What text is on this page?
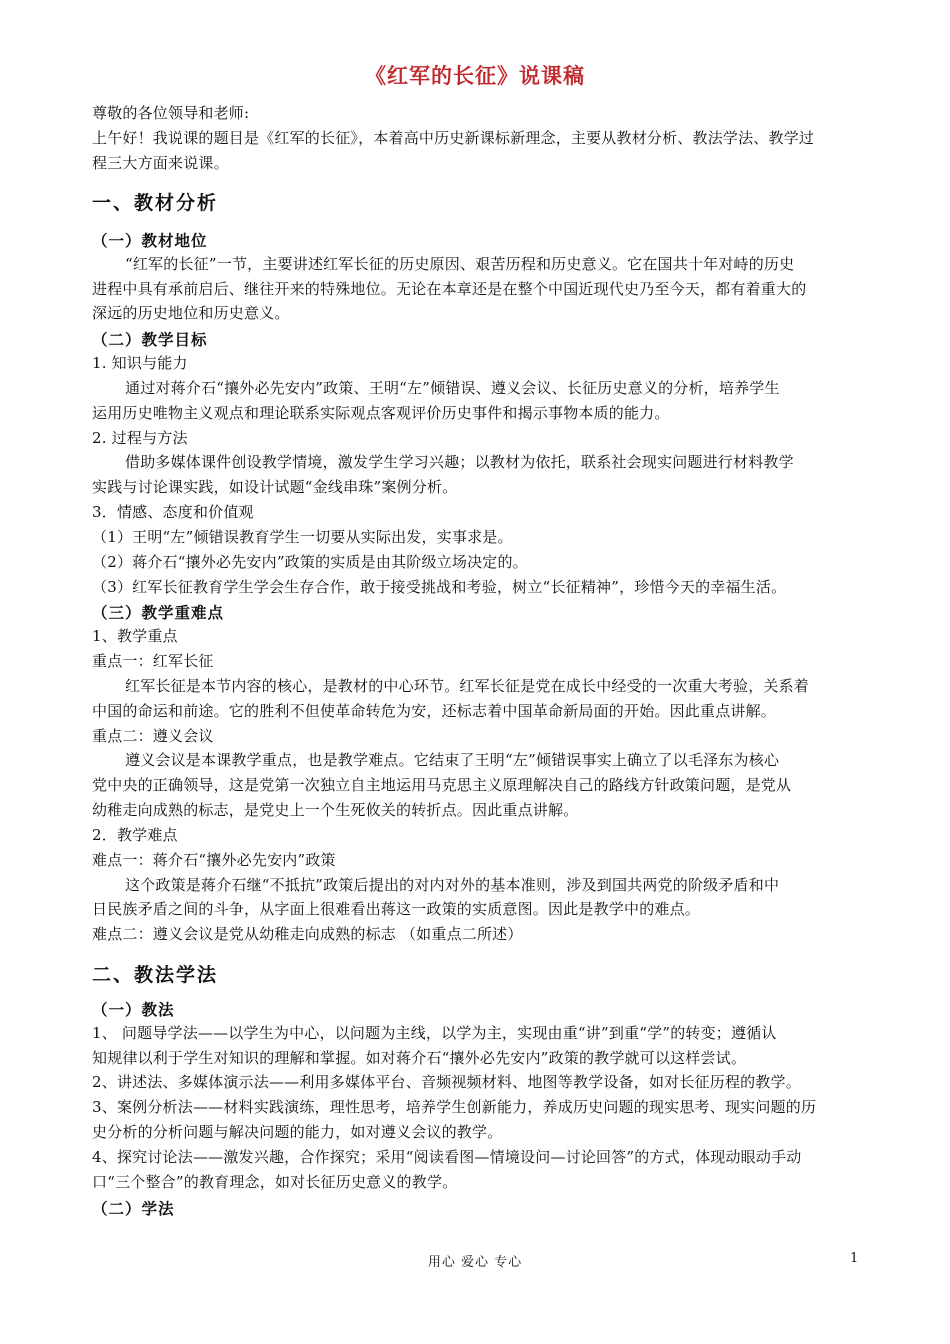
《红军的长征》说课稿
尊敬的各位领导和老师:
上午好！我说课的题目是《红军的长征》，本着高中历史新课标新理念，主要从教材分析、教法学法、教学过
程三大方面来说课。
一、教材分析
（一）教材地位
“红军的长征”一节，主要讲述红军长征的历史原因、艰苦历程和历史意义。它在国共十年对峙的历史
进程中具有承前启后、继往开来的特殊地位。无论在本章还是在整个中国近现代史乃至今天，都有着重大的
深远的历史地位和历史意义。
（二）教学目标
1. 知识与能力
通过对蒋介石“攘外必先安内”政策、王明“左”倾错误、遵义会议、长征历史意义的分析，培养学生
运用历史唯物主义观点和理论联系实际观点客观评价历史事件和揭示事物本质的能力。
2. 过程与方法
借助多媒体课件创设教学情境，激发学生学习兴趣；以教材为依托，联系社会现实问题进行材料教学
实践与讨论课实践，如设计试题“金线串珠”案例分析。
3．情感、态度和价值观
（1）王明“左”倾错误教育学生一切要从实际出发，实事求是。
（2）蒋介石“攘外必先安内”政策的实质是由其阶级立场决定的。
（3）红军长征教育学生学会生存合作，敢于接受挑战和考验，树立“长征精神”，珍惜今天的幸福生活。
（三）教学重难点
1、教学重点
重点一：红军长征
红军长征是本节内容的核心，是教材的中心环节。红军长征是党在成长中经受的一次重大考验，关系着
中国的命运和前途。它的胜利不但使革命转危为安，还标志着中国革命新局面的开始。因此重点讲解。
重点二：遵义会议
遵义会议是本课教学重点，也是教学难点。它结束了王明“左”倾错误事实上确立了以毛泽东为核心
党中央的正确领导，这是党第一次独立自主地运用马克思主义原理解决自己的路线方针政策问题，是党从
幼稚走向成熟的标志，是党史上一个生死攸关的转折点。因此重点讲解。
2．教学难点
难点一：蒋介石“攘外必先安内”政策
这个政策是蒋介石继“不抵抗”政策后提出的对内对外的基本准则，涉及到国共两党的阶级矛盾和中
日民族矛盾之间的斗争，从字面上很难看出蒋这一政策的实质意图。因此是教学中的难点。
难点二：遵义会议是党从幼稚走向成熟的标志 （如重点二所述）
二、教法学法
（一）教法
1、 问题导学法——以学生为中心，以问题为主线，以学为主，实现由重“讲”到重“学”的转变；遵循认
知规律以利于学生对知识的理解和掌握。如对蒋介石“攘外必先安内”政策的教学就可以这样尝试。
2、讲述法、多媒体演示法——利用多媒体平台、音频视频材料、地图等教学设备，如对长征历程的教学。
3、案例分析法——材料实践演练，理性思考，培养学生创新能力，养成历史问题的现实思考、现实问题的历
史分析的分析问题与解决问题的能力，如对遵义会议的教学。
4、探究讨论法——激发兴趣，合作探究；采用“阅读看图—情境设问—讨论回答”的方式，体现动眼动手动
口“三个整合”的教育理念，如对长征历史意义的教学。
（二）学法
用心 爱心 专心	1
